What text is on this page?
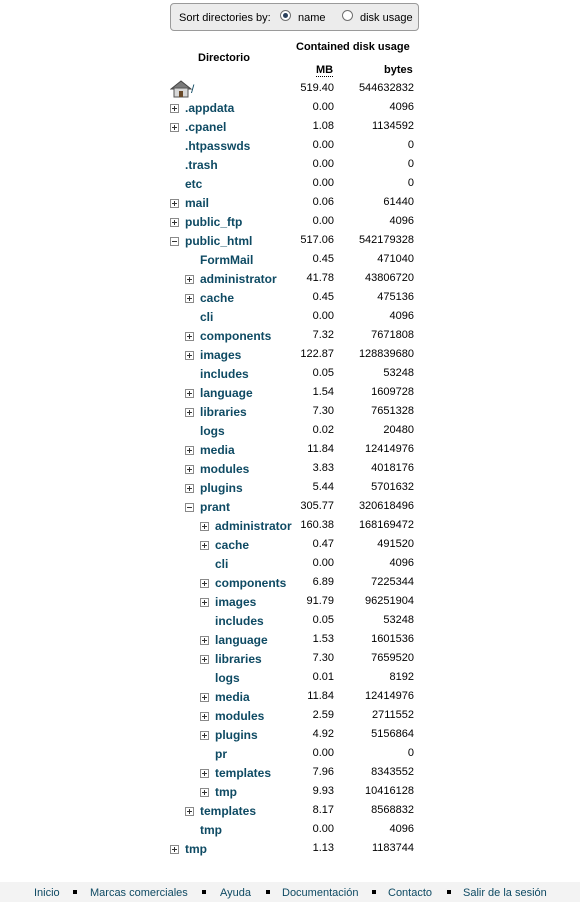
Sort directories by: name	disk usage
Directorio
Contained disk usage
MB	bytes
/	519.40	544632832
.appdata	0.00	4096
.cpanel	1.08	1134592
.htpasswds	0.00	0
.trash	0.00	0
etc	0.00	0
mail	0.06	61440
public_ftp	0.00	4096
public_html	517.06	542179328
FormMail	0.45	471040
administrator	41.78	43806720
cache	0.45	475136
cli	0.00	4096
components	7.32	7671808
images	122.87	128839680
includes	0.05	53248
language	1.54	1609728
libraries	7.30	7651328
logs	0.02	20480
media	11.84	12414976
modules	3.83	4018176
plugins	5.44	5701632
prant	305.77	320618496
administrator 160.38	168169472
cache	0.47	491520
cli	0.00	4096
components	6.89	7225344
images	91.79	96251904
includes	0.05	53248
language	1.53	1601536
libraries	7.30	7659520
logs	0.01	8192
media	11.84	12414976
modules	2.59	2711552
plugins	4.92	5156864
pr	0.00	0
templates	7.96	8343552
tmp	9.93	10416128
templates	8.17	8568832
tmp	0.00	4096
tmp	1.13	1183744
Inicio	Marcas comerciales	Ayuda	Documentación	Contacto	Salir de la sesión
